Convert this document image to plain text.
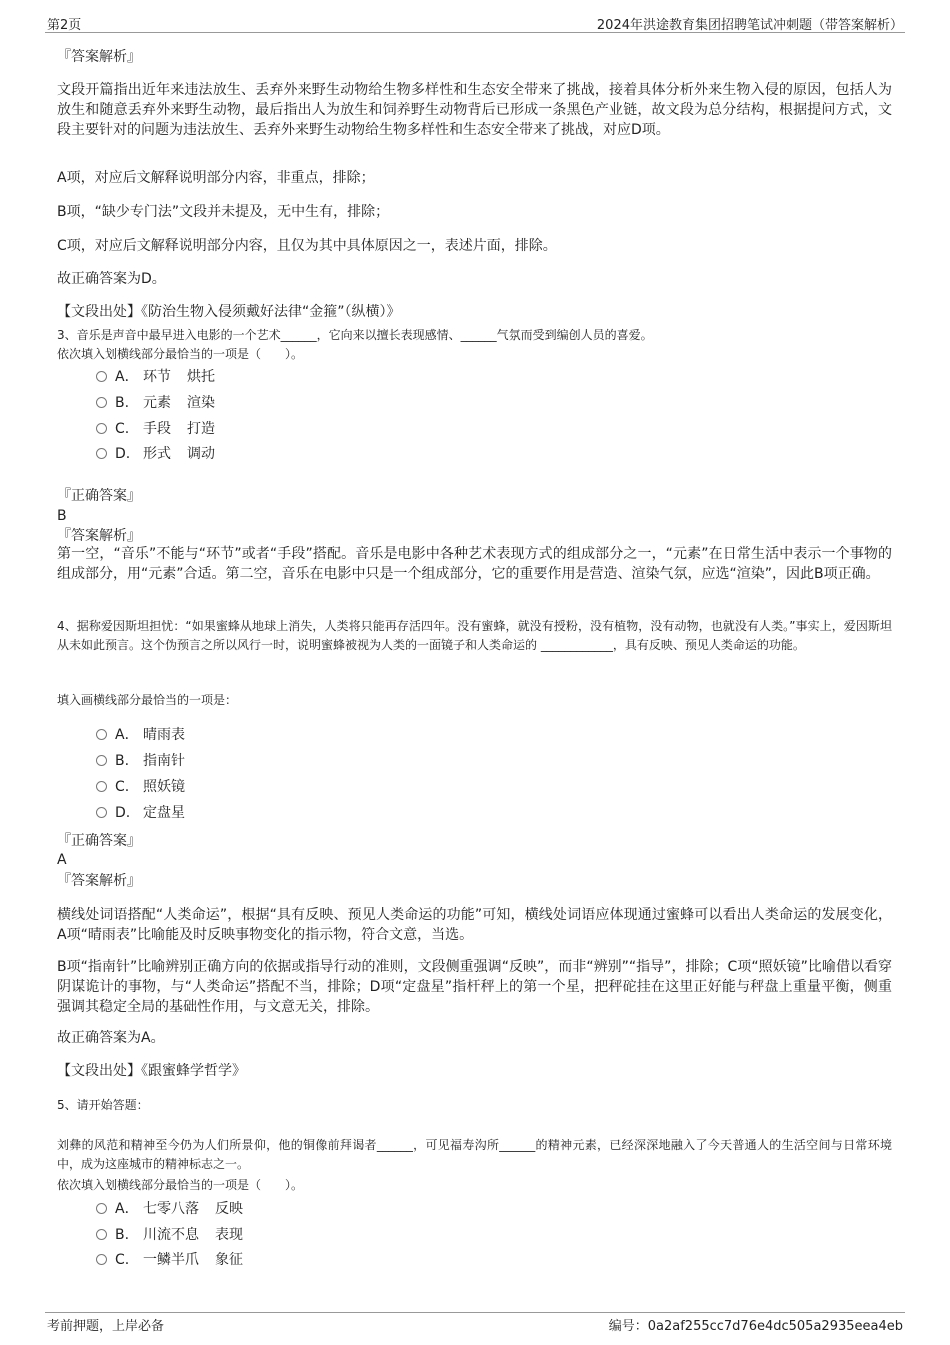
第2页	2024年洪途教育集团招聘笔试冲刺题（带答案解析）
『答案解析』
文段开篇指出近年来违法放生、丢弃外来野生动物给生物多样性和生态安全带来了挑战，接着具体分析外来生物入侵的原因，包括人为放生和随意丢弃外来野生动物，最后指出人为放生和饲养野生动物背后已形成一条黑色产业链，故文段为总分结构，根据提问方式，文段主要针对的问题为违法放生、丢弃外来野生动物给生物多样性和生态安全带来了挑战，对应D项。
A项，对应后文解释说明部分内容，非重点，排除；
B项，“缺少专门法”文段并未提及，无中生有，排除；
C项，对应后文解释说明部分内容，且仅为其中具体原因之一，表述片面，排除。
故正确答案为D。
【文段出处】《防治生物入侵须戴好法律“金箍”（纵横）》
3、音乐是声音中最早进入电影的一个艺术______，它向来以擅长表现感情、______气氛而受到编创人员的喜爱。
依次填入划横线部分最恰当的一项是（　　）。
A． 环节 烘托
B. 元素 渲染
C. 手段 打造
D. 形式 调动
『正确答案』
B
『答案解析』
第一空，“音乐”不能与“环节”或者“手段”搭配。音乐是电影中各种艺术表现方式的组成部分之一，“元素”在日常生活中表示一个事物的组成部分，用“元素”合适。第二空，音乐在电影中只是一个组成部分，它的重要作用是营造、渲染气氛，应选“渲染”，因此B项正确。
4、据称爱因斯坦担忧：“如果蜜蜂从地球上消失，人类将只能再存活四年。没有蜜蜂，就没有授粉，没有植物，没有动物，也就没有人类。”事实上，爱因斯坦从未如此预言。这个伪预言之所以风行一时，说明蜜蜂被视为人类的一面镜子和人类命运的 ____________，具有反映、预见人类命运的功能。
填入画横线部分最恰当的一项是：
A． 晴雨表
B. 指南针
C. 照妖镜
D. 定盘星
『正确答案』
A
『答案解析』
横线处词语搭配“人类命运”，根据“具有反映、预见人类命运的功能”可知，横线处词语应体现通过蜜蜂可以看出人类命运的发展变化，A项“晴雨表”比喻能及时反映事物变化的指示物，符合文意，当选。
B项“指南针”比喻辨别正确方向的依据或指导行动的准则，文段侧重强调“反映”，而非“辨别”“指导”，排除；C项“照妖镜”比喻借以看穿阴谋诡计的事物，与“人类命运”搭配不当，排除；D项“定盘星”指杆秤上的第一个星，把秤砣挂在这里正好能与秤盘上重量平衡，侧重强调其稳定全局的基础性作用，与文意无关，排除。
故正确答案为A。
【文段出处】《跟蜜蜂学哲学》
5、请开始答题：
刘彝的风范和精神至今仍为人们所景仰，他的铜像前拜谒者______，可见福寿沟所______的精神元素，已经深深地融入了今天普通人的生活空间与日常环境中，成为这座城市的精神标志之一。
依次填入划横线部分最恰当的一项是（　　）。
A． 七零八落 反映
B. 川流不息 表现
C. 一鳞半爪 象征
考前押题，上岸必备	编号：0a2af255cc7d76e4dc505a2935eea4eb
